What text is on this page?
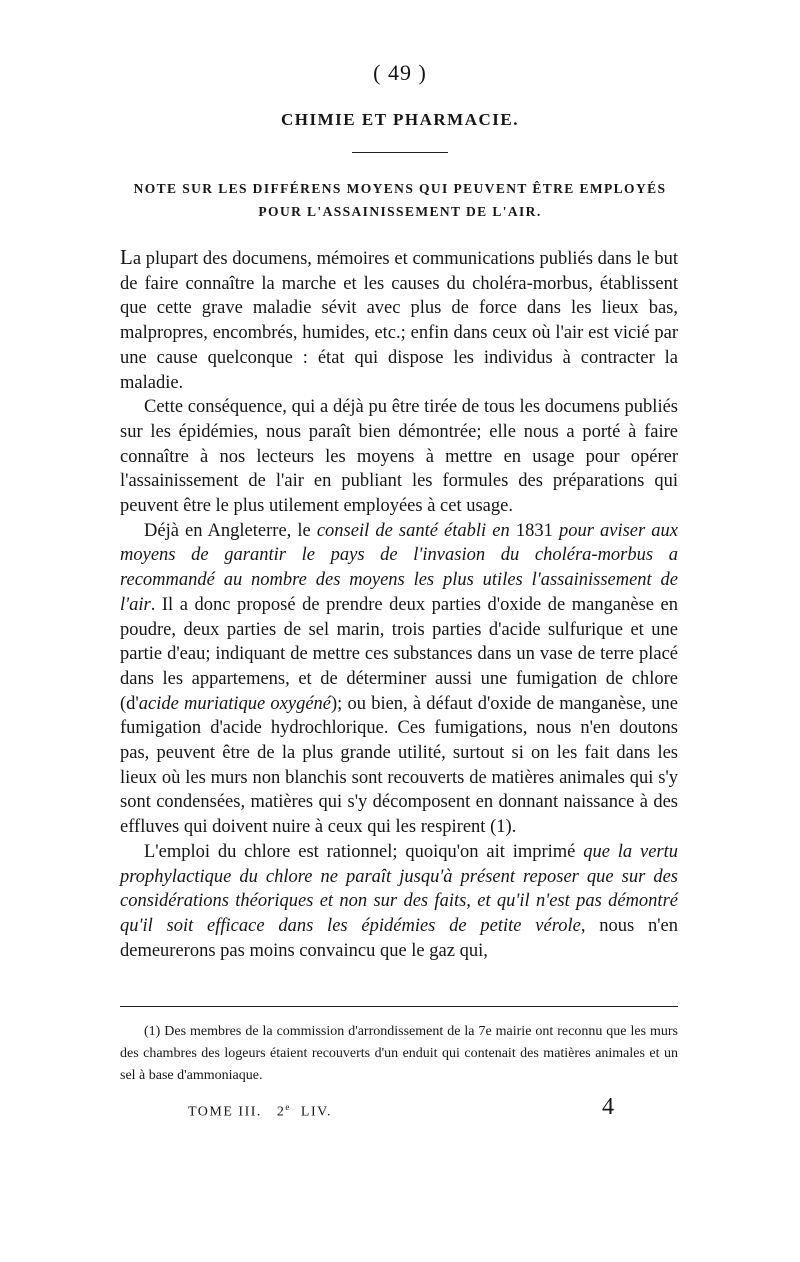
( 49 )
CHIMIE ET PHARMACIE.
NOTE SUR LES DIFFÉRENS MOYENS QUI PEUVENT ÊTRE EMPLOYÉS POUR L'ASSAINISSEMENT DE L'AIR.

La plupart des documens, mémoires et communications publiés dans le but de faire connaître la marche et les causes du choléra-morbus, établissent que cette grave maladie sévit avec plus de force dans les lieux bas, malpropres, encombrés, humides, etc.; enfin dans ceux où l'air est vicié par une cause quelconque : état qui dispose les individus à contracter la maladie.

Cette conséquence, qui a déjà pu être tirée de tous les documens publiés sur les épidémies, nous paraît bien démontrée; elle nous a porté à faire connaître à nos lecteurs les moyens à mettre en usage pour opérer l'assainissement de l'air en publiant les formules des préparations qui peuvent être le plus utilement employées à cet usage.

Déjà en Angleterre, le conseil de santé établi en 1831 pour aviser aux moyens de garantir le pays de l'invasion du choléra-morbus a recommandé au nombre des moyens les plus utiles l'assainissement de l'air. Il a donc proposé de prendre deux parties d'oxide de manganèse en poudre, deux parties de sel marin, trois parties d'acide sulfurique et une partie d'eau; indiquant de mettre ces substances dans un vase de terre placé dans les appartemens, et de déterminer aussi une fumigation de chlore (d'acide muriatique oxygéné); ou bien, à défaut d'oxide de manganèse, une fumigation d'acide hydrochlorique. Ces fumigations, nous n'en doutons pas, peuvent être de la plus grande utilité, surtout si on les fait dans les lieux où les murs non blanchis sont recouverts de matières animales qui s'y sont condensées, matières qui s'y décomposent en donnant naissance à des effluves qui doivent nuire à ceux qui les respirent (1).

L'emploi du chlore est rationnel; quoiqu'on ait imprimé que la vertu prophylactique du chlore ne paraît jusqu'à présent reposer que sur des considérations théoriques et non sur des faits, et qu'il n'est pas démontré qu'il soit efficace dans les épidémies de petite vérole, nous n'en demeurerons pas moins convaincu que le gaz qui,

(1) Des membres de la commission d'arrondissement de la 7e mairie ont reconnu que les murs des chambres des logeurs étaient recouverts d'un enduit qui contenait des matières animales et un sel à base d'ammoniaque.

TOME III. 2e LIV.	4
